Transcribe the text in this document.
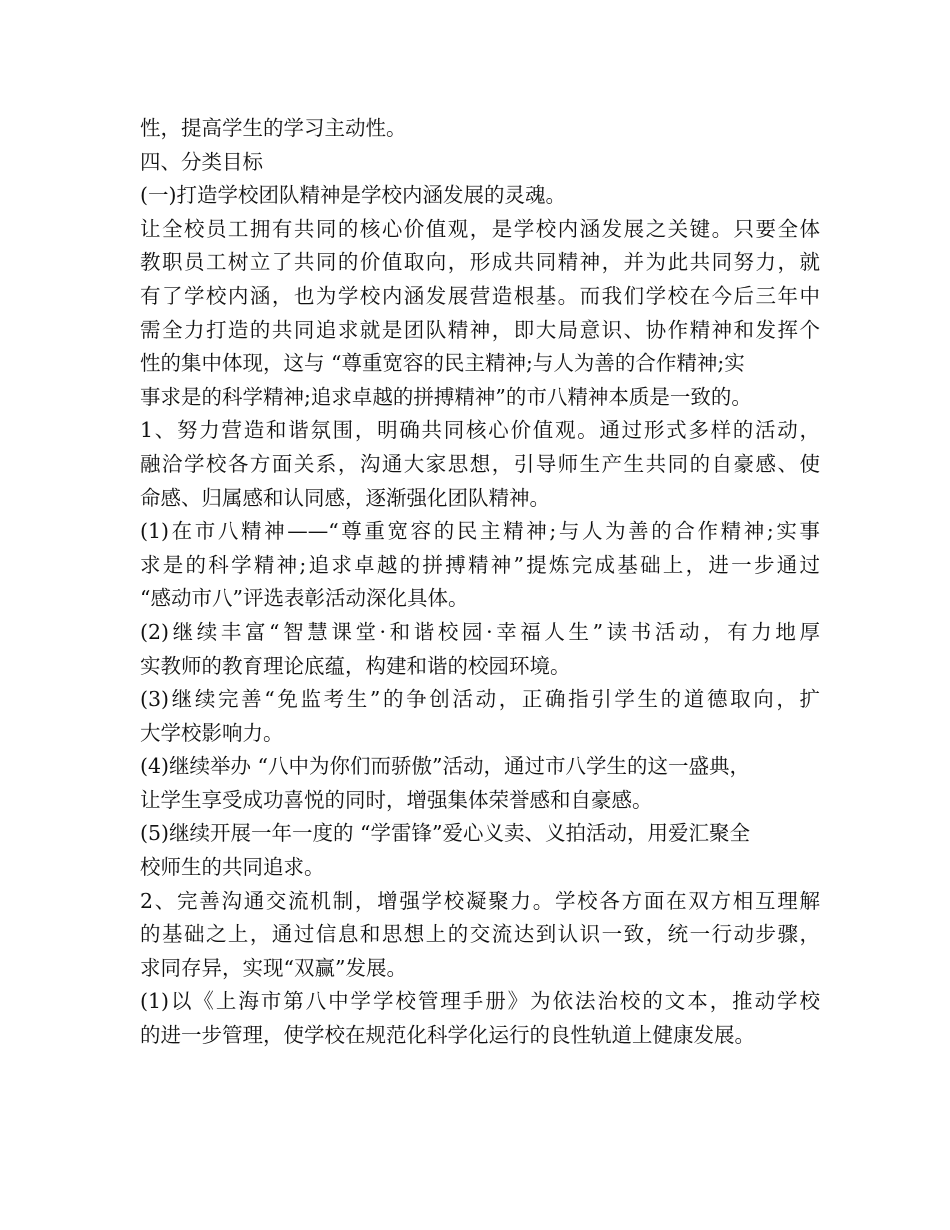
性，提高学生的学习主动性。

四、分类目标

(一)打造学校团队精神是学校内涵发展的灵魂。

让全校员工拥有共同的核心价值观，是学校内涵发展之关键。只要全体

教职员工树立了共同的价值取向，形成共同精神，并为此共同努力，就

有了学校内涵，也为学校内涵发展营造根基。而我们学校在今后三年中

需全力打造的共同追求就是团队精神，即大局意识、协作精神和发挥个

性的集中体现，这与 “尊重宽容的民主精神;与人为善的合作精神;实

事求是的科学精神;追求卓越的拼搏精神”的市八精神本质是一致的。

1、努力营造和谐氛围，明确共同核心价值观。通过形式多样的活动，

融洽学校各方面关系，沟通大家思想，引导师生产生共同的自豪感、使

命感、归属感和认同感，逐渐强化团队精神。

(1)在市八精神——“尊重宽容的民主精神;与人为善的合作精神;实事

求是的科学精神;追求卓越的拼搏精神”提炼完成基础上，进一步通过

“感动市八”评选表彰活动深化具体。

(2)继续丰富“智慧课堂·和谐校园·幸福人生”读书活动，有力地厚

实教师的教育理论底蕴，构建和谐的校园环境。

(3)继续完善“免监考生”的争创活动，正确指引学生的道德取向，扩

大学校影响力。

(4)继续举办 “八中为你们而骄傲”活动，通过市八学生的这一盛典，

让学生享受成功喜悦的同时，增强集体荣誉感和自豪感。

(5)继续开展一年一度的 “学雷锋”爱心义卖、义拍活动，用爱汇聚全

校师生的共同追求。

2、完善沟通交流机制，增强学校凝聚力。学校各方面在双方相互理解

的基础之上，通过信息和思想上的交流达到认识一致，统一行动步骤，

求同存异，实现“双赢”发展。

(1)以《上海市第八中学学校管理手册》为依法治校的文本，推动学校

的进一步管理，使学校在规范化科学化运行的良性轨道上健康发展。
